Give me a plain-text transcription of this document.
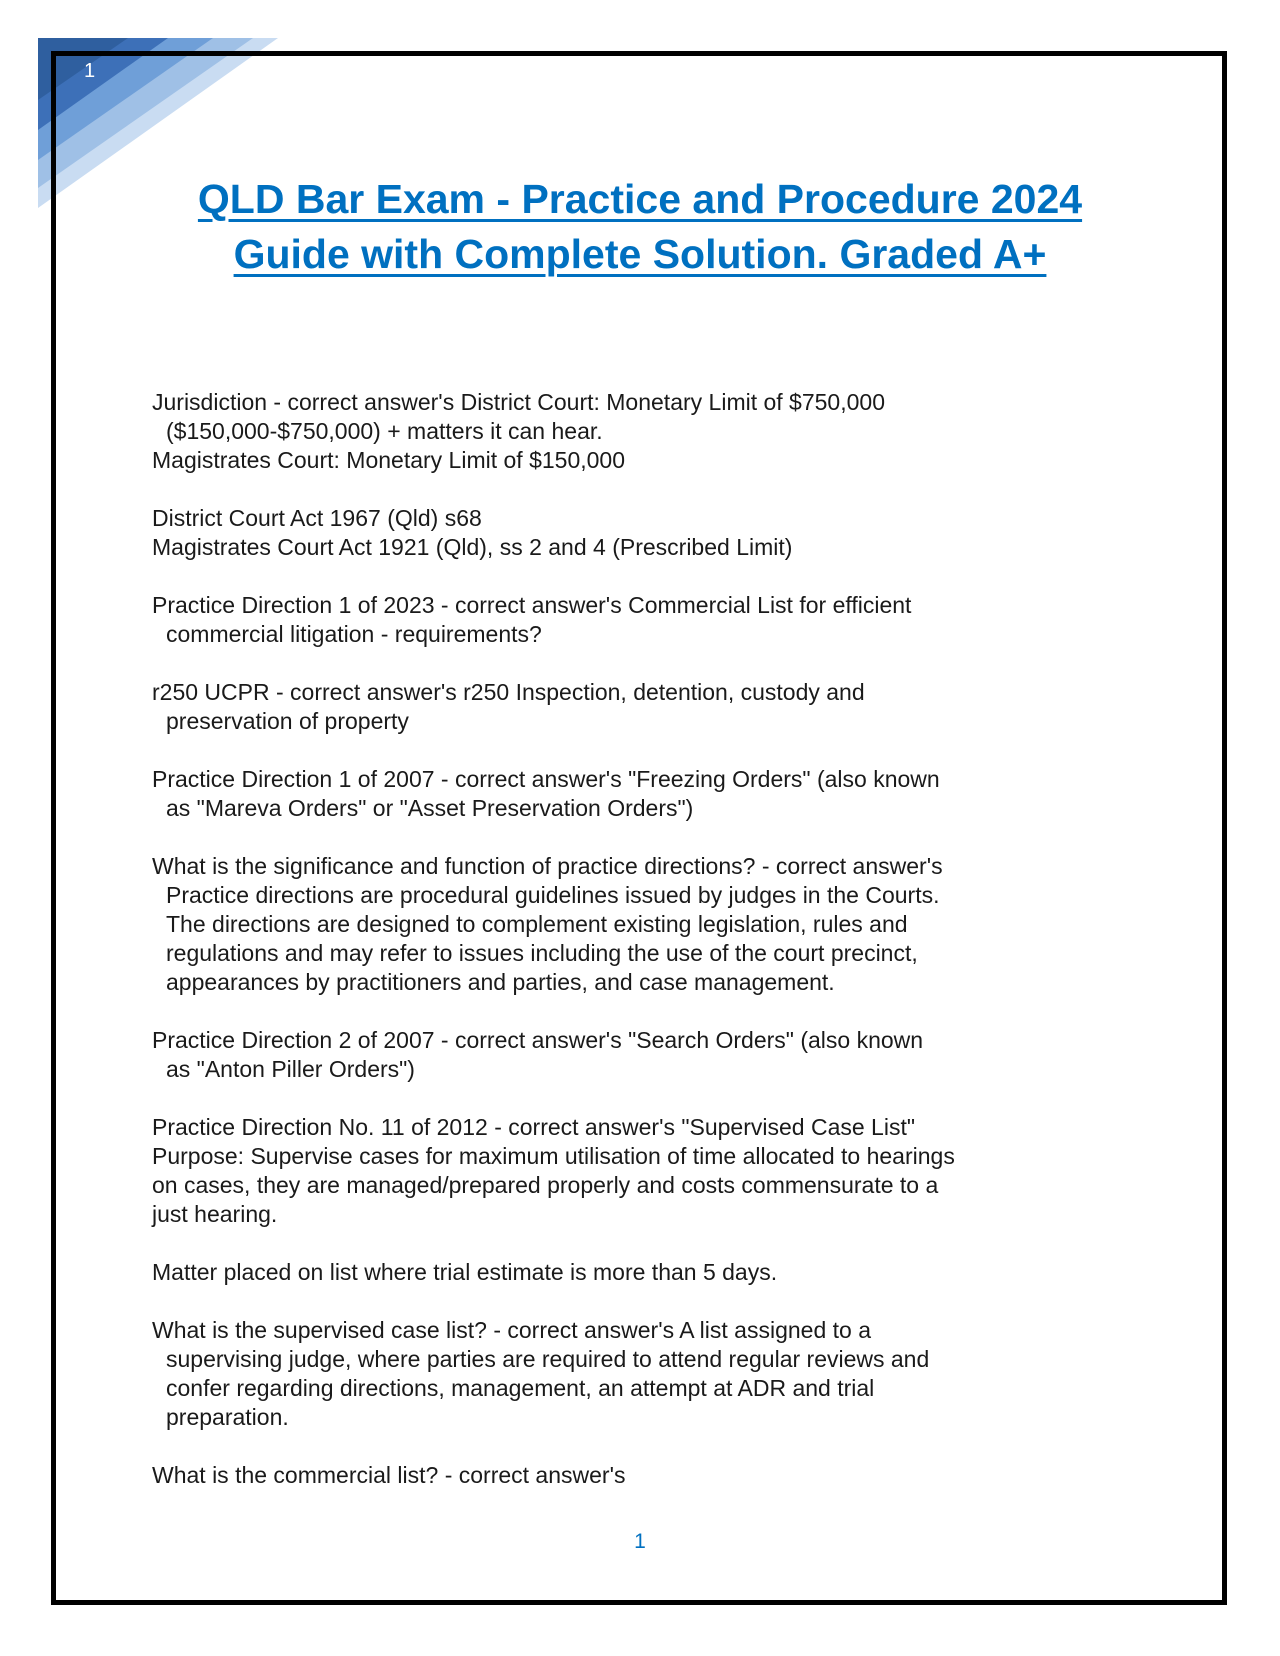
1
QLD Bar Exam - Practice and Procedure 2024
Guide with Complete Solution. Graded A+
Jurisdiction - correct answer's District Court: Monetary Limit of $750,000
($150,000-$750,000) + matters it can hear.
Magistrates Court: Monetary Limit of $150,000
District Court Act 1967 (Qld) s68
Magistrates Court Act 1921 (Qld), ss 2 and 4 (Prescribed Limit)
Practice Direction 1 of 2023 - correct answer's Commercial List for efficient
commercial litigation - requirements?
r250 UCPR - correct answer's r250 Inspection, detention, custody and
preservation of property
Practice Direction 1 of 2007 - correct answer's "Freezing Orders" (also known
as "Mareva Orders" or "Asset Preservation Orders")
What is the significance and function of practice directions? - correct answer's
Practice directions are procedural guidelines issued by judges in the Courts.
The directions are designed to complement existing legislation, rules and
regulations and may refer to issues including the use of the court precinct,
appearances by practitioners and parties, and case management.
Practice Direction 2 of 2007 - correct answer's "Search Orders" (also known
as "Anton Piller Orders")
Practice Direction No. 11 of 2012 - correct answer's "Supervised Case List"
Purpose: Supervise cases for maximum utilisation of time allocated to hearings
on cases, they are managed/prepared properly and costs commensurate to a
just hearing.
Matter placed on list where trial estimate is more than 5 days.
What is the supervised case list? - correct answer's A list assigned to a
supervising judge, where parties are required to attend regular reviews and
confer regarding directions, management, an attempt at ADR and trial
preparation.
What is the commercial list? - correct answer's
1
